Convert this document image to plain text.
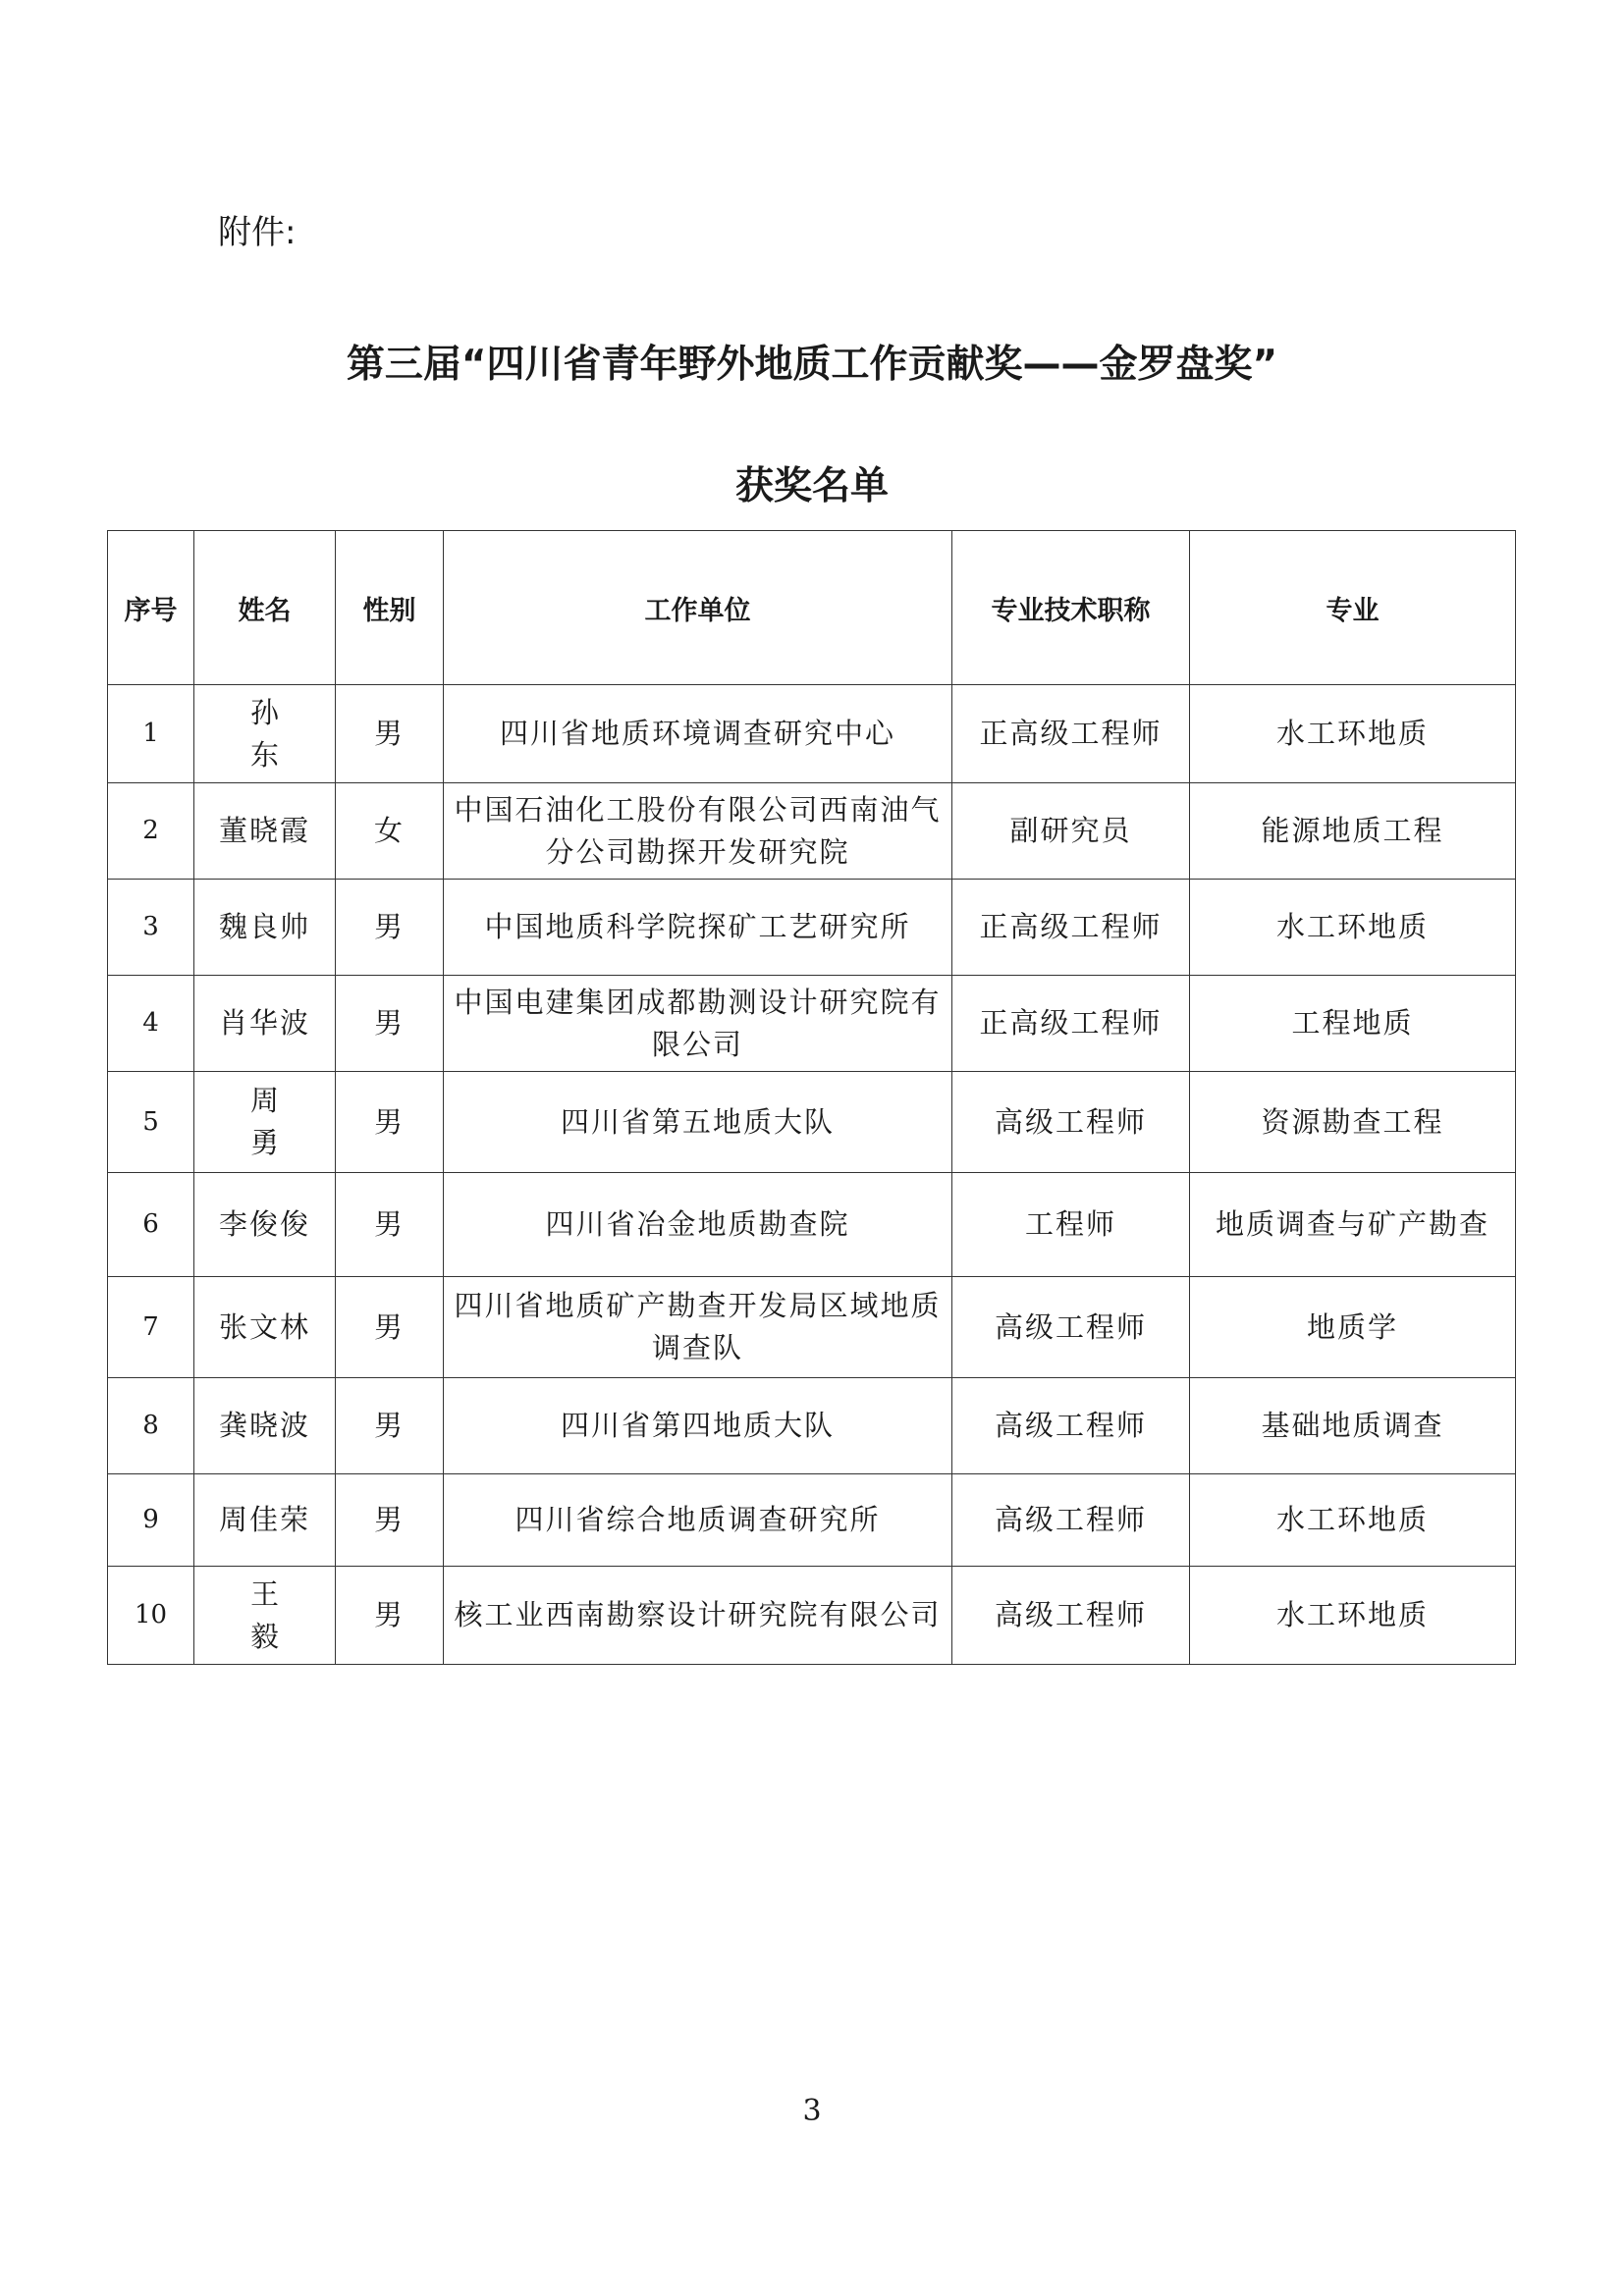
附件:
第三届“四川省青年野外地质工作贡献奖——金罗盘奖”
获奖名单
序号	姓名	性别	工作单位	专业技术职称	专业
1	孙 东	男	四川省地质环境调查研究中心	正高级工程师	水工环地质
2	董晓霞	女	中国石油化工股份有限公司西南油气分公司勘探开发研究院	副研究员	能源地质工程
3	魏良帅	男	中国地质科学院探矿工艺研究所	正高级工程师	水工环地质
4	肖华波	男	中国电建集团成都勘测设计研究院有限公司	正高级工程师	工程地质
5	周 勇	男	四川省第五地质大队	高级工程师	资源勘查工程
6	李俊俊	男	四川省冶金地质勘查院	工程师	地质调查与矿产勘查
7	张文林	男	四川省地质矿产勘查开发局区域地质调查队	高级工程师	地质学
8	龚晓波	男	四川省第四地质大队	高级工程师	基础地质调查
9	周佳荣	男	四川省综合地质调查研究所	高级工程师	水工环地质
10	王 毅	男	核工业西南勘察设计研究院有限公司	高级工程师	水工环地质
3
